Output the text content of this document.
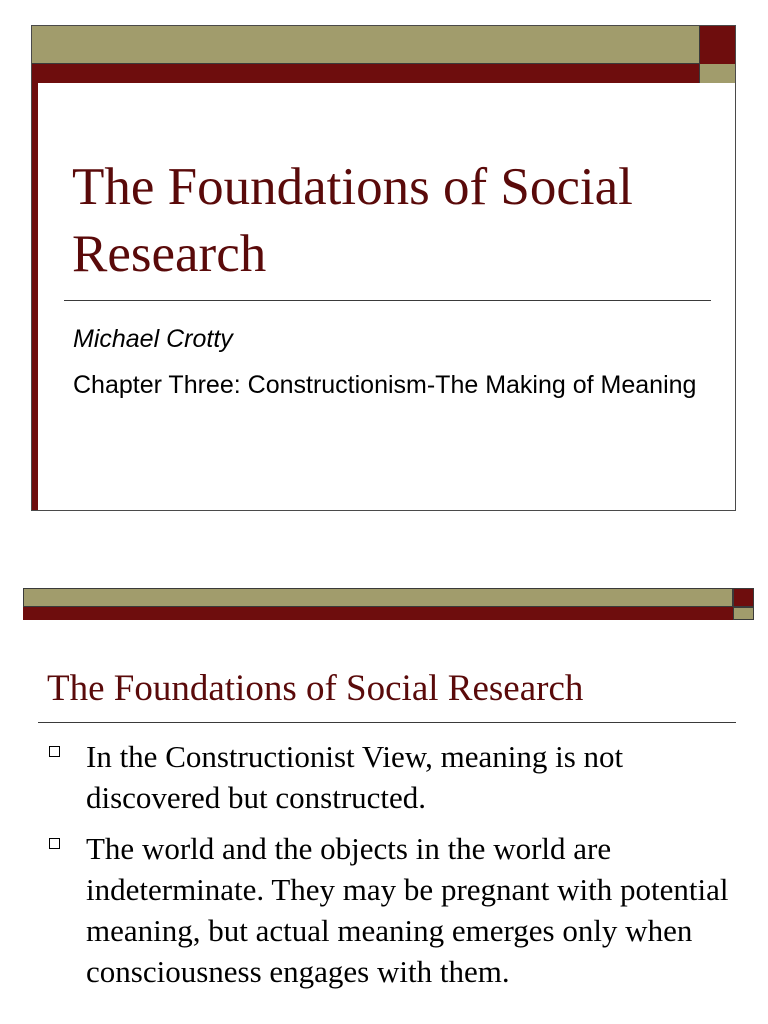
The Foundations of Social Research

Michael Crotty

Chapter Three: Constructionism-The Making of Meaning

The Foundations of Social Research
In the Constructionist View, meaning is not discovered but constructed.
The world and the objects in the world are indeterminate. They may be pregnant with potential meaning, but actual meaning emerges only when consciousness engages with them.
